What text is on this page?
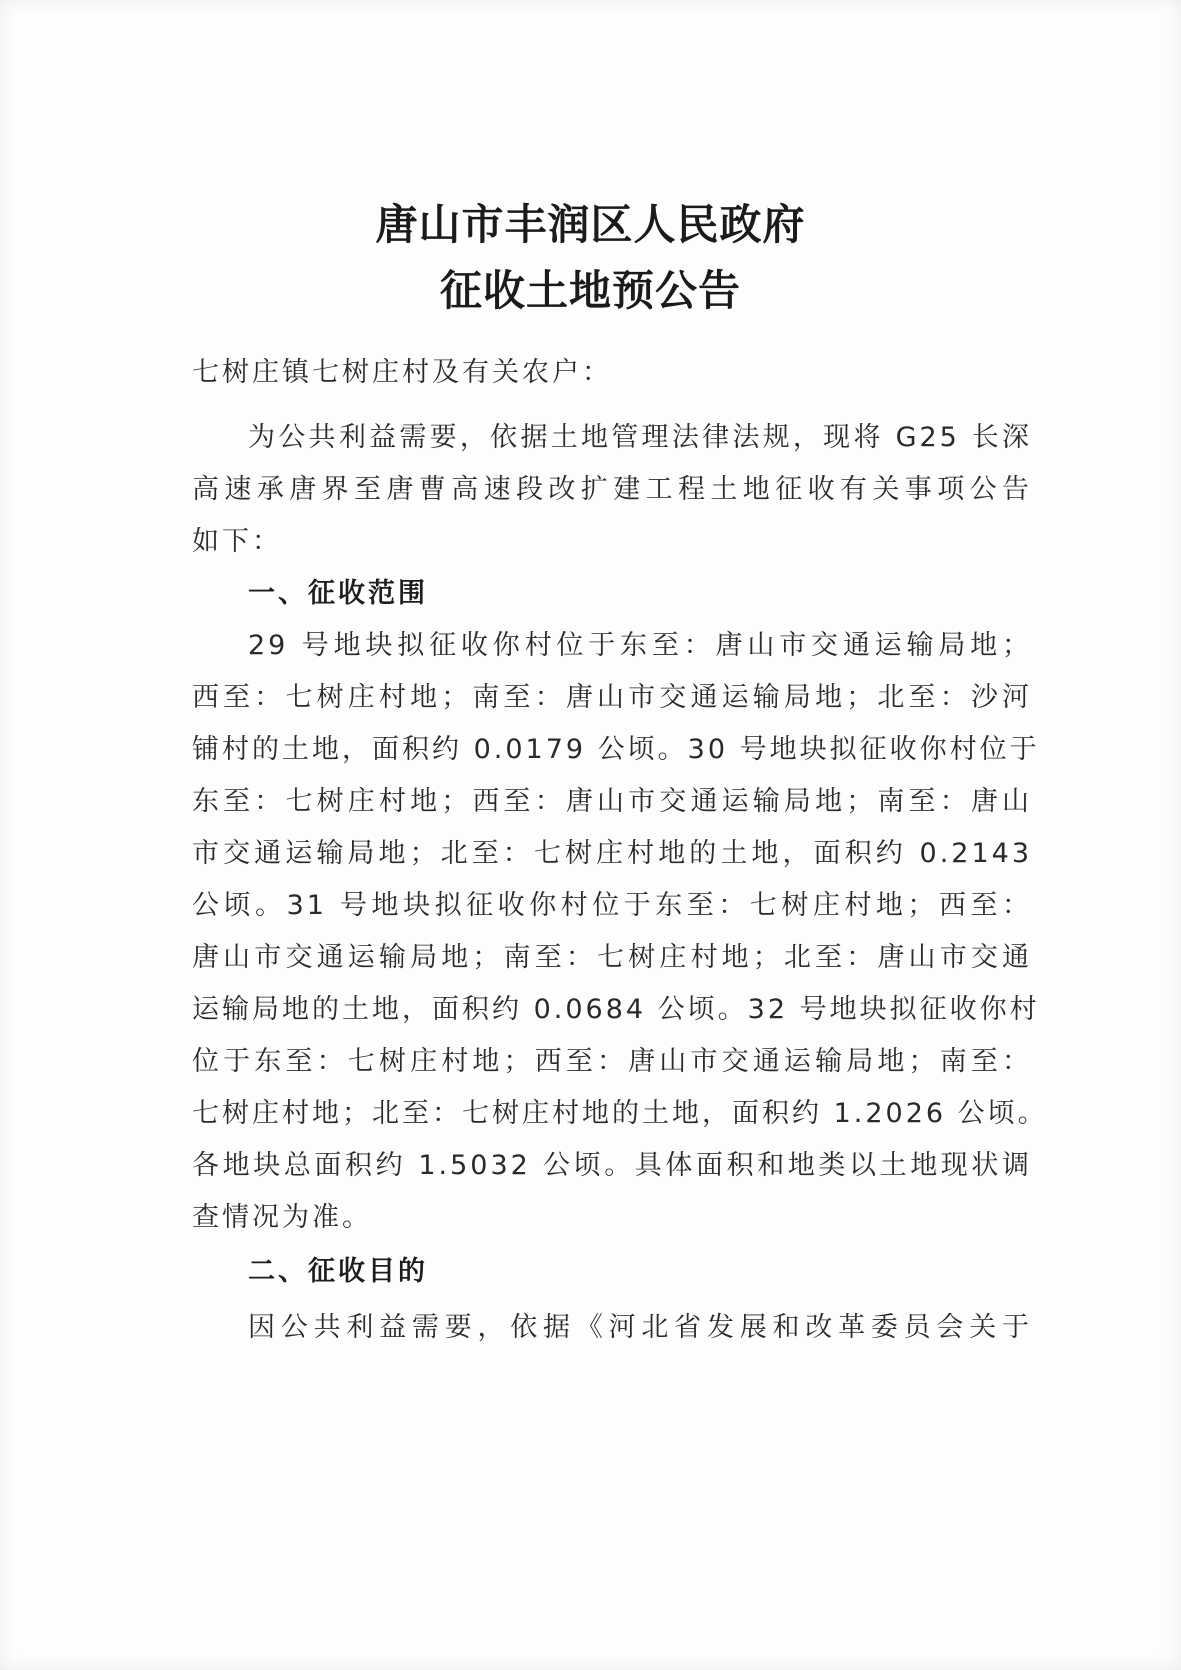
唐山市丰润区人民政府
征收土地预公告
七树庄镇七树庄村及有关农户：
为公共利益需要，依据土地管理法律法规，现将 G25 长深
高速承唐界至唐曹高速段改扩建工程土地征收有关事项公告
如下：
一、征收范围
29 号地块拟征收你村位于东至：唐山市交通运输局地；
西至：七树庄村地；南至：唐山市交通运输局地；北至：沙河
铺村的土地，面积约 0.0179 公顷。30 号地块拟征收你村位于
东至：七树庄村地；西至：唐山市交通运输局地；南至：唐山
市交通运输局地；北至：七树庄村地的土地，面积约 0.2143
公顷。31 号地块拟征收你村位于东至：七树庄村地；西至：
唐山市交通运输局地；南至：七树庄村地；北至：唐山市交通
运输局地的土地，面积约 0.0684 公顷。32 号地块拟征收你村
位于东至：七树庄村地；西至：唐山市交通运输局地；南至：
七树庄村地；北至：七树庄村地的土地，面积约 1.2026 公顷。
各地块总面积约 1.5032 公顷。具体面积和地类以土地现状调
查情况为准。
二、征收目的
因公共利益需要，依据《河北省发展和改革委员会关于
